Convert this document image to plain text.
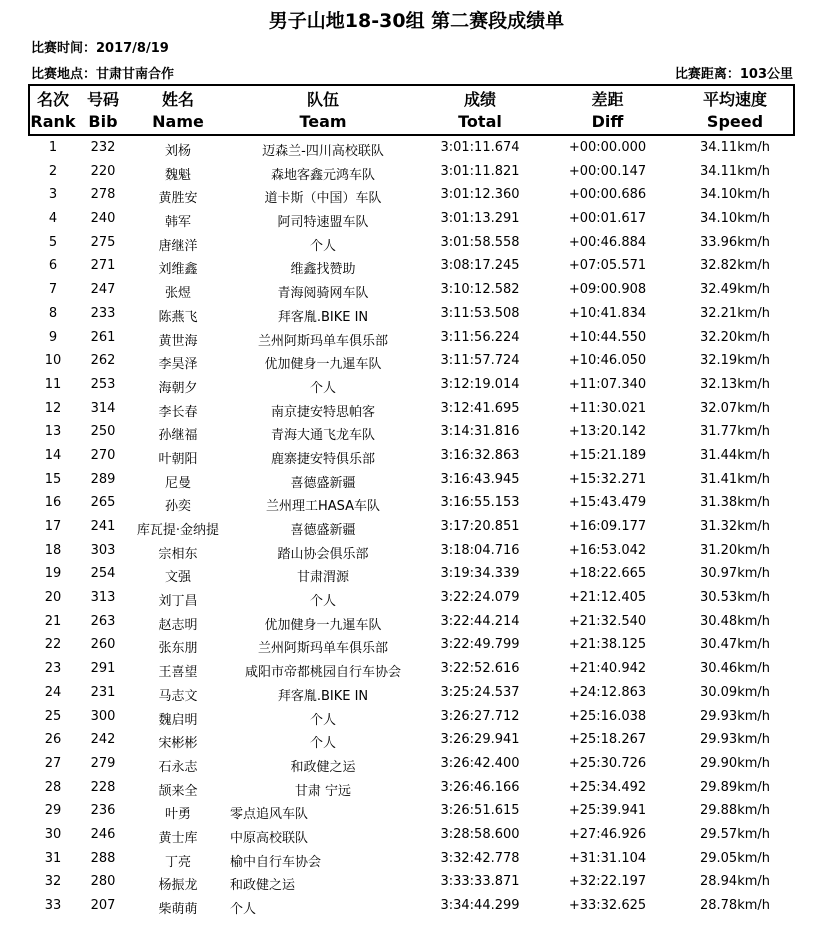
男子山地18-30组 第二赛段成绩单
比赛时间：2017/8/19
比赛地点：甘肃甘南合作	比赛距离：103公里
名次	号码	姓名	队伍	成绩	差距	平均速度
Rank Bib	Name	Team	Total	Diff	Speed
1	232	刘杨	迈森兰-四川高校联队	3:01:11.674	+00:00.000	34.11km/h
2	220	魏魁	森地客鑫元鸿车队	3:01:11.821	+00:00.147	34.11km/h
3	278	黄胜安	道卡斯（中国）车队	3:01:12.360	+00:00.686	34.10km/h
4	240	韩军	阿司特速盟车队	3:01:13.291	+00:01.617	34.10km/h
5	275	唐继洋	个人	3:01:58.558	+00:46.884	33.96km/h
6	271	刘维鑫	维鑫找赞助	3:08:17.245	+07:05.571	32.82km/h
7	247	张煜	青海阅骑网车队	3:10:12.582	+09:00.908	32.49km/h
8	233	陈燕飞	拜客胤.BIKE IN	3:11:53.508	+10:41.834	32.21km/h
9	261	黄世海	兰州阿斯玛单车俱乐部	3:11:56.224	+10:44.550	32.20km/h
10	262	李昊泽	优加健身一九暹车队	3:11:57.724	+10:46.050	32.19km/h
11	253	海朝夕	个人	3:12:19.014	+11:07.340	32.13km/h
12	314	李长春	南京捷安特思帕客	3:12:41.695	+11:30.021	32.07km/h
13	250	孙继福	青海大通飞龙车队	3:14:31.816	+13:20.142	31.77km/h
14	270	叶朝阳	鹿寨捷安特俱乐部	3:16:32.863	+15:21.189	31.44km/h
15	289	尼曼	喜德盛新疆	3:16:43.945	+15:32.271	31.41km/h
16	265	孙奕	兰州理工HASA车队	3:16:55.153	+15:43.479	31.38km/h
17	241	库瓦提·金纳提	喜德盛新疆	3:17:20.851	+16:09.177	31.32km/h
18	303	宗相东	踏山协会俱乐部	3:18:04.716	+16:53.042	31.20km/h
19	254	文强	甘肃渭源	3:19:34.339	+18:22.665	30.97km/h
20	313	刘丁昌	个人	3:22:24.079	+21:12.405	30.53km/h
21	263	赵志明	优加健身一九暹车队	3:22:44.214	+21:32.540	30.48km/h
22	260	张东朋	兰州阿斯玛单车俱乐部	3:22:49.799	+21:38.125	30.47km/h
23	291	王喜望	咸阳市帝都桃园自行车协会	3:22:52.616	+21:40.942	30.46km/h
24	231	马志文	拜客胤.BIKE IN	3:25:24.537	+24:12.863	30.09km/h
25	300	魏启明	个人	3:26:27.712	+25:16.038	29.93km/h
26	242	宋彬彬	个人	3:26:29.941	+25:18.267	29.93km/h
27	279	石永志	和政健之运	3:26:42.400	+25:30.726	29.90km/h
28	228	颉来全	甘肃 宁远	3:26:46.166	+25:34.492	29.89km/h
29	236	叶勇	零点追风车队	3:26:51.615	+25:39.941	29.88km/h
30	246	黄士库	中原高校联队	3:28:58.600	+27:46.926	29.57km/h
31	288	丁亮	榆中自行车协会	3:32:42.778	+31:31.104	29.05km/h
32	280	杨振龙	和政健之运	3:33:33.871	+32:22.197	28.94km/h
33	207	柴萌萌	个人	3:34:44.299	+33:32.625	28.78km/h
